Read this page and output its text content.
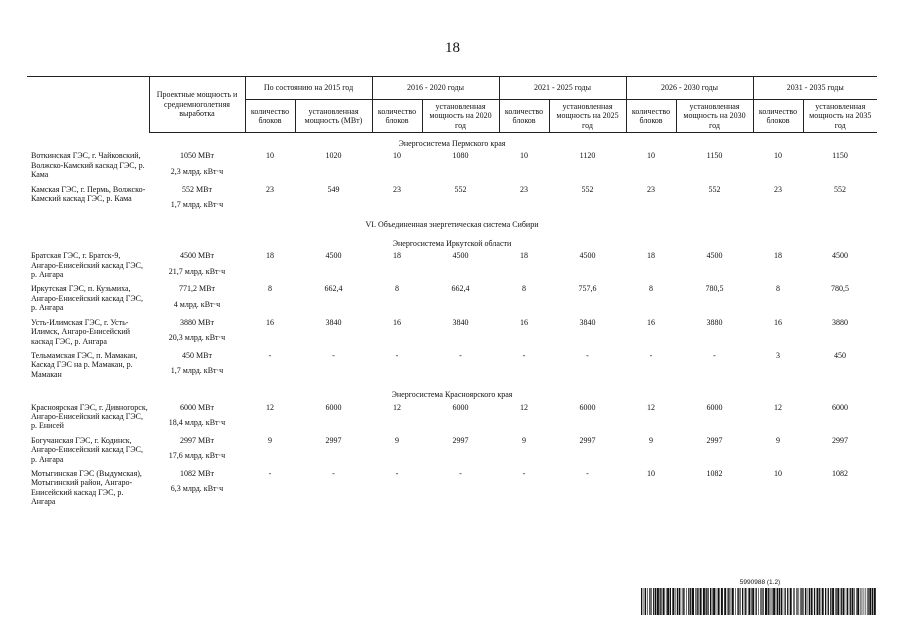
18
	Проектные мощность и среднемноголетняя выработка	По состоянию на 2015 год		2016 - 2020 годы		2021 - 2025 годы		2026 - 2030 годы		2031 - 2035 годы	
		количество блоков	установленная мощность (МВт)	количество блоков	установленная мощность на 2020 год	количество блоков	установленная мощность на 2025 год	количество блоков	установленная мощность на 2030 год	количество блоков	установленная мощность на 2035 год
Энергосистема Пермского края											
Воткинская ГЭС, г. Чайковский, Волжско-Камский каскад ГЭС, р. Кама	1050 МВт
2,3 млрд. кВт·ч	10	1020	10	1080	10	1120	10	1150	10	1150

Камская ГЭС, г. Пермь, Волжско-Камский каскад ГЭС, р. Кама	552 МВт
1,7 млрд. кВт·ч	23	549	23	552	23	552	23	552	23	552

VI. Объединенная энергетическая система Сибири											
Энергосистема Иркутской области											
Братская ГЭС, г. Братск-9, Ангаро-Енисейский каскад ГЭС, р. Ангара	4500 МВт
21,7 млрд. кВт·ч	18	4500	18	4500	18	4500	18	4500	18	4500

Иркутская ГЭС, п. Кузьмиха, Ангаро-Енисейский каскад ГЭС, р. Ангара	771,2 МВт
4 млрд. кВт·ч	8	662,4	8	662,4	8	757,6	8	780,5	8	780,5

Усть-Илимская ГЭС, г. Усть-Илимск, Ангаро-Енисейский каскад ГЭС, р. Ангара	3880 МВт
20,3 млрд. кВт·ч	16	3840	16	3840	16	3840	16	3880	16	3880

Тельмамская ГЭС, п. Мамакан, Каскад ГЭС на р. Мамакан, р. Мамакан	450 МВт
1,7 млрд. кВт·ч	-	-	-	-	-	-	-	-	3	450

Энергосистема Красноярского края											
Красноярская ГЭС, г. Дивногорск, Ангаро-Енисейский каскад ГЭС, р. Енисей	6000 МВт
18,4 млрд. кВт·ч	12	6000	12	6000	12	6000	12	6000	12	6000

Богучанская ГЭС, г. Кодинск, Ангаро-Енисейский каскад ГЭС, р. Ангара	2997 МВт
17,6 млрд. кВт·ч	9	2997	9	2997	9	2997	9	2997	9	2997

Мотыгинская ГЭС (Выдумская), Мотыгинский район, Ангаро-Енисейский каскад ГЭС, р. Ангара	1082 МВт
6,3 млрд. кВт·ч	-	-	-	-	-	-	10	1082	10	1082

5990988 (1.2)
